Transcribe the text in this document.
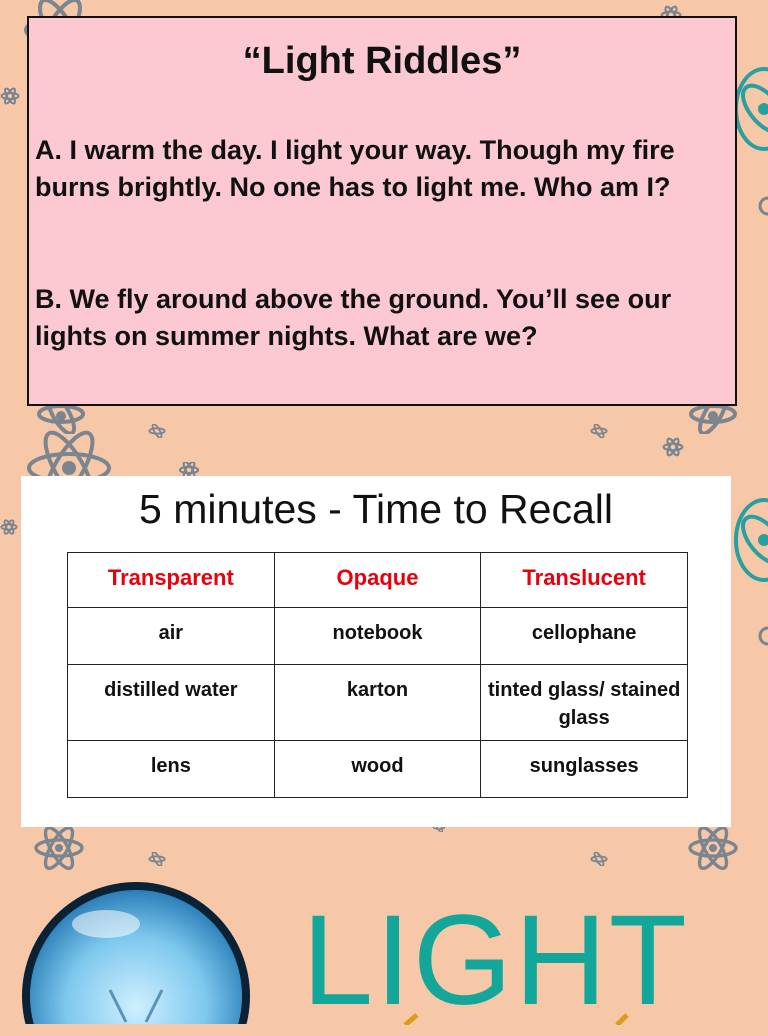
“Light Riddles”
A. I warm the day. I light your way. Though my fire burns brightly. No one has to light me. Who am I?
B. We fly around above the ground. You’ll see our lights on summer nights. What are we?
5 minutes - Time to Recall
Transparent	Opaque	Translucent
air	notebook	cellophane
distilled water	karton	tinted glass/ stained glass
lens	wood	sunglasses
LIGHT
